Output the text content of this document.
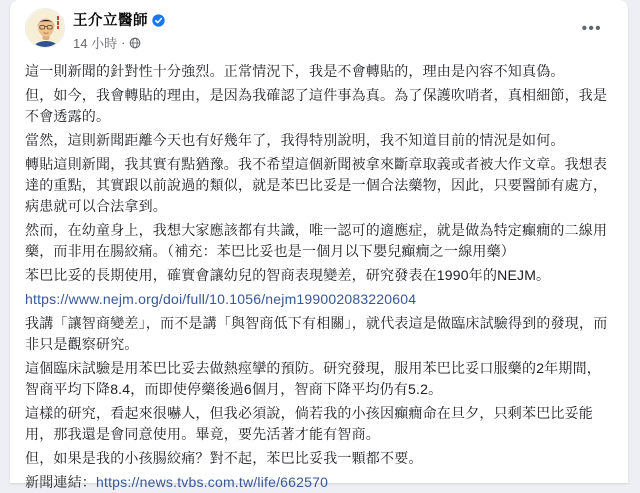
王介立醫師
14 小時 ·
•••

這一則新聞的針對性十分強烈。正常情況下，我是不會轉貼的，理由是內容不知真偽。

但，如今，我會轉貼的理由，是因為我確認了這件事為真。為了保護吹哨者，真相細節，我是不會透露的。

當然，這則新聞距離今天也有好幾年了，我得特別說明，我不知道目前的情況是如何。

轉貼這則新聞，我其實有點猶豫。我不希望這個新聞被拿來斷章取義或者被大作文章。我想表達的重點，其實跟以前說過的類似，就是苯巴比妥是一個合法藥物，因此，只要醫師有處方，病患就可以合法拿到。

然而，在幼童身上，我想大家應該都有共識，唯一認可的適應症，就是做為特定癲癇的二線用藥，而非用在腸絞痛。（補充：苯巴比妥也是一個月以下嬰兒癲癇之一線用藥）

苯巴比妥的長期使用，確實會讓幼兒的智商表現變差，研究發表在1990年的NEJM。

https://www.nejm.org/doi/full/10.1056/nejm199002083220604

我講「讓智商變差」，而不是講「與智商低下有相關」，就代表這是做臨床試驗得到的發現，而非只是觀察研究。

這個臨床試驗是用苯巴比妥去做熱痙攣的預防。研究發現，服用苯巴比妥口服藥的2年期間，智商平均下降8.4，而即使停藥後過6個月，智商下降平均仍有5.2。

這樣的研究，看起來很嚇人，但我必須說，倘若我的小孩因癲癇命在旦夕，只剩苯巴比妥能用，那我還是會同意使用。畢竟，要先活著才能有智商。

但，如果是我的小孩腸絞痛？對不起，苯巴比妥我一顆都不要。

新聞連結：https://news.tvbs.com.tw/life/662570
